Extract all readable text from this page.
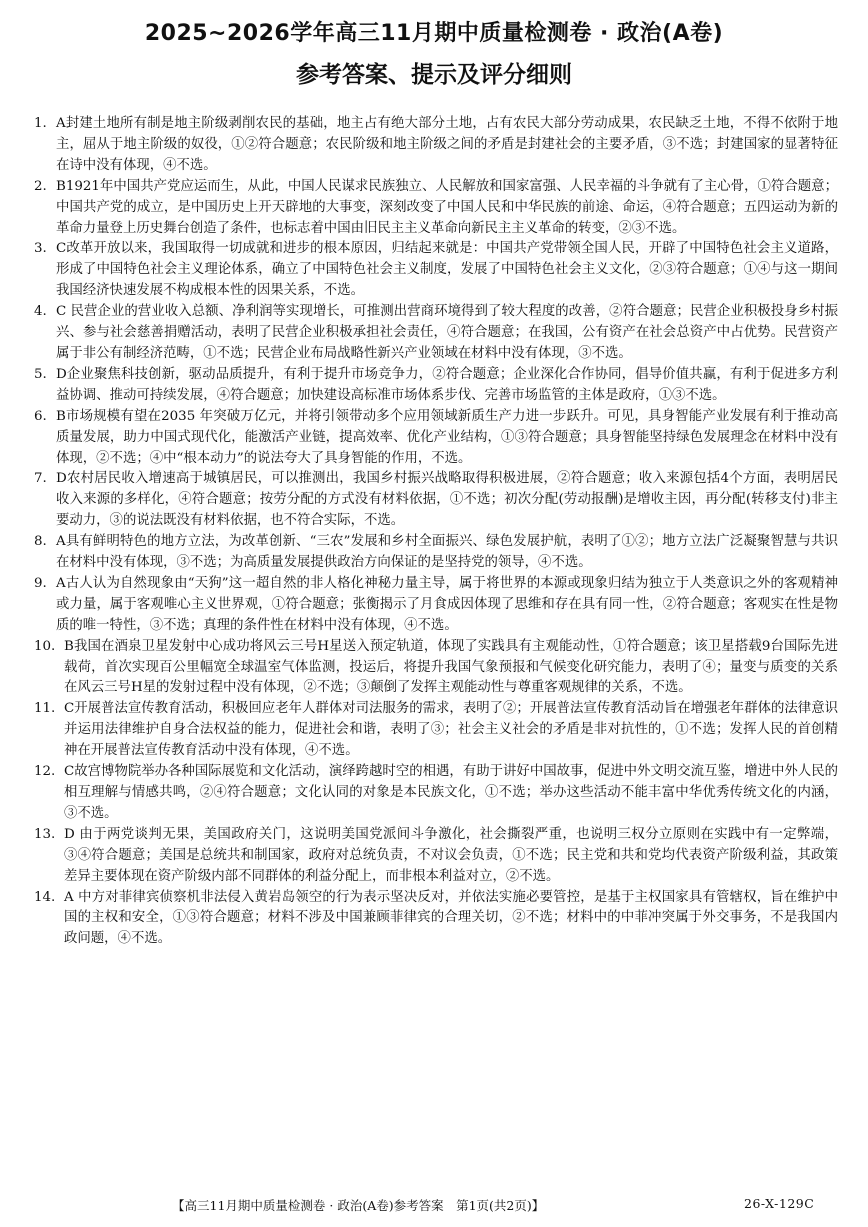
2025~2026学年高三11月期中质量检测卷 · 政治(A卷)
参考答案、提示及评分细则
1. A封建土地所有制是地主阶级剥削农民的基础，地主占有绝大部分土地，占有农民大部分劳动成果，农民缺乏土地，不得不依附于地主，屈从于地主阶级的奴役，①②符合题意；农民阶级和地主阶级之间的矛盾是封建社会的主要矛盾，③不选；封建国家的显著特征在诗中没有体现，④不选。
2. B1921年中国共产党应运而生，从此，中国人民谋求民族独立、人民解放和国家富强、人民幸福的斗争就有了主心骨，①符合题意；中国共产党的成立，是中国历史上开天辟地的大事变，深刻改变了中国人民和中华民族的前途、命运，④符合题意；五四运动为新的革命力量登上历史舞台创造了条件，也标志着中国由旧民主主义革命向新民主主义革命的转变，②③不选。
3. C改革开放以来，我国取得一切成就和进步的根本原因，归结起来就是：中国共产党带领全国人民，开辟了中国特色社会主义道路，形成了中国特色社会主义理论体系，确立了中国特色社会主义制度，发展了中国特色社会主义文化，②③符合题意；①④与这一期间我国经济快速发展不构成根本性的因果关系，不选。
4. C 民营企业的营业收入总额、净利润等实现增长，可推测出营商环境得到了较大程度的改善，②符合题意；民营企业积极投身乡村振兴、参与社会慈善捐赠活动，表明了民营企业积极承担社会责任，④符合题意；在我国，公有资产在社会总资产中占优势。民营资产属于非公有制经济范畴，①不选；民营企业布局战略性新兴产业领域在材料中没有体现，③不选。
5. D企业聚焦科技创新，驱动品质提升，有利于提升市场竞争力，②符合题意；企业深化合作协同，倡导价值共赢，有利于促进多方利益协调、推动可持续发展，④符合题意；加快建设高标准市场体系步伐、完善市场监管的主体是政府，①③不选。
6. B市场规模有望在2035 年突破万亿元，并将引领带动多个应用领域新质生产力进一步跃升。可见，具身智能产业发展有利于推动高质量发展，助力中国式现代化，能激活产业链，提高效率、优化产业结构，①③符合题意；具身智能坚持绿色发展理念在材料中没有体现，②不选；④中“根本动力”的说法夸大了具身智能的作用，不选。
7. D农村居民收入增速高于城镇居民，可以推测出，我国乡村振兴战略取得积极进展，②符合题意；收入来源包括4个方面，表明居民收入来源的多样化，④符合题意；按劳分配的方式没有材料依据，①不选；初次分配(劳动报酬)是增收主因，再分配(转移支付)非主要动力，③的说法既没有材料依据，也不符合实际，不选。
8. A具有鲜明特色的地方立法，为改革创新、“三农”发展和乡村全面振兴、绿色发展护航，表明了①②；地方立法广泛凝聚智慧与共识在材料中没有体现，③不选；为高质量发展提供政治方向保证的是坚持党的领导，④不选。
9. A古人认为自然现象由“天狗”这一超自然的非人格化神秘力量主导，属于将世界的本源或现象归结为独立于人类意识之外的客观精神或力量，属于客观唯心主义世界观，①符合题意；张衡揭示了月食成因体现了思维和存在具有同一性，②符合题意；客观实在性是物质的唯一特性，③不选；真理的条件性在材料中没有体现，④不选。
10. B我国在酒泉卫星发射中心成功将风云三号H星送入预定轨道，体现了实践具有主观能动性，①符合题意；该卫星搭载9台国际先进载荷，首次实现百公里幅宽全球温室气体监测，投运后，将提升我国气象预报和气候变化研究能力，表明了④；量变与质变的关系在风云三号H星的发射过程中没有体现，②不选；③颠倒了发挥主观能动性与尊重客观规律的关系，不选。
11. C开展普法宣传教育活动，积极回应老年人群体对司法服务的需求，表明了②；开展普法宣传教育活动旨在增强老年群体的法律意识并运用法律维护自身合法权益的能力，促进社会和谐，表明了③；社会主义社会的矛盾是非对抗性的，①不选；发挥人民的首创精神在开展普法宣传教育活动中没有体现，④不选。
12. C故宫博物院举办各种国际展览和文化活动，演绎跨越时空的相遇，有助于讲好中国故事，促进中外文明交流互鉴，增进中外人民的相互理解与情感共鸣，②④符合题意；文化认同的对象是本民族文化，①不选；举办这些活动不能丰富中华优秀传统文化的内涵，③不选。
13. D 由于两党谈判无果，美国政府关门，这说明美国党派间斗争激化，社会撕裂严重，也说明三权分立原则在实践中有一定弊端，③④符合题意；美国是总统共和制国家，政府对总统负责，不对议会负责，①不选；民主党和共和党均代表资产阶级利益，其政策差异主要体现在资产阶级内部不同群体的利益分配上，而非根本利益对立，②不选。
14. A 中方对菲律宾侦察机非法侵入黄岩岛领空的行为表示坚决反对，并依法实施必要管控，是基于主权国家具有管辖权，旨在维护中国的主权和安全，①③符合题意；材料不涉及中国兼顾菲律宾的合理关切，②不选；材料中的中菲冲突属于外交事务，不是我国内政问题，④不选。
【高三11月期中质量检测卷 · 政治(A卷)参考答案　第1页(共2页)】	26-X-129C
